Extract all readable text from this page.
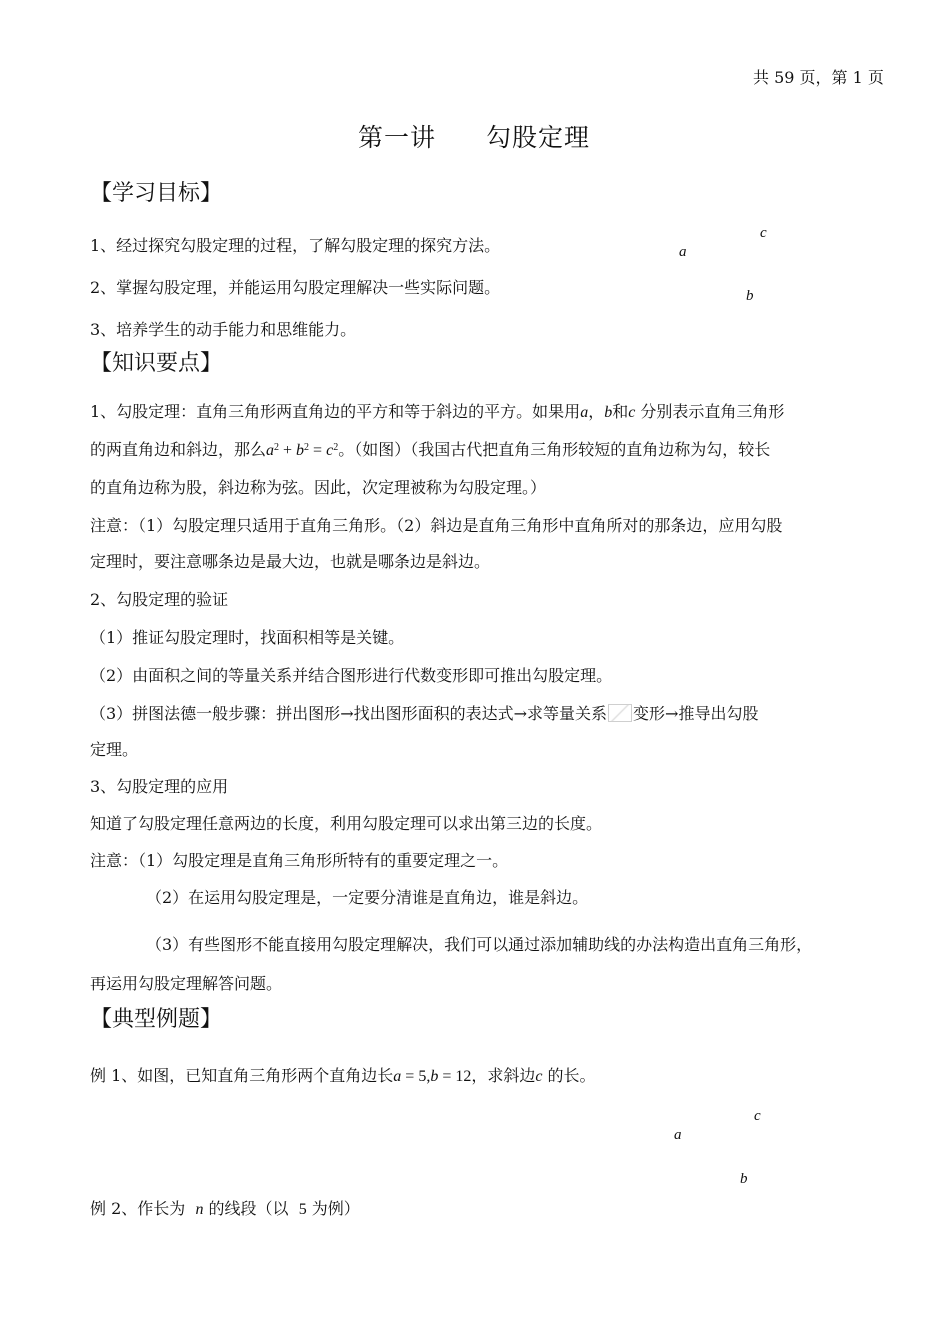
共 59 页，第 1 页
第一讲 勾股定理
【学习目标】
1、经过探究勾股定理的过程，了解勾股定理的探究方法。
2、掌握勾股定理，并能运用勾股定理解决一些实际问题。
3、培养学生的动手能力和思维能力。
c
a
b
【知识要点】
1、勾股定理：直角三角形两直角边的平方和等于斜边的平方。如果用a，b和c 分别表示直角三角形
的两直角边和斜边，那么$a^2 + b^2 = c^2$。（如图）（我国古代把直角三角形较短的直角边称为勾，较长
的直角边称为股，斜边称为弦。因此，次定理被称为勾股定理。）
注意：（1）勾股定理只适用于直角三角形。（2）斜边是直角三角形中直角所对的那条边，应用勾股
定理时，要注意哪条边是最大边，也就是哪条边是斜边。
2、勾股定理的验证
（1）推证勾股定理时，找面积相等是关键。
（2）由面积之间的等量关系并结合图形进行代数变形即可推出勾股定理。
（3）拼图法德一般步骤：拼出图形→找出图形面积的表达式→求等量关系 变形→推导出勾股
定理。
3、勾股定理的应用
知道了勾股定理任意两边的长度，利用勾股定理可以求出第三边的长度。
注意：（1）勾股定理是直角三角形所特有的重要定理之一。
（2）在运用勾股定理是，一定要分清谁是直角边，谁是斜边。
（3）有些图形不能直接用勾股定理解决，我们可以通过添加辅助线的办法构造出直角三角形，
再运用勾股定理解答问题。
【典型例题】
例 1、如图，已知直角三角形两个直角边长a = 5,b = 12，求斜边c 的长。
c
a
b
例 2、作长为 n 的线段（以 5 为例）
